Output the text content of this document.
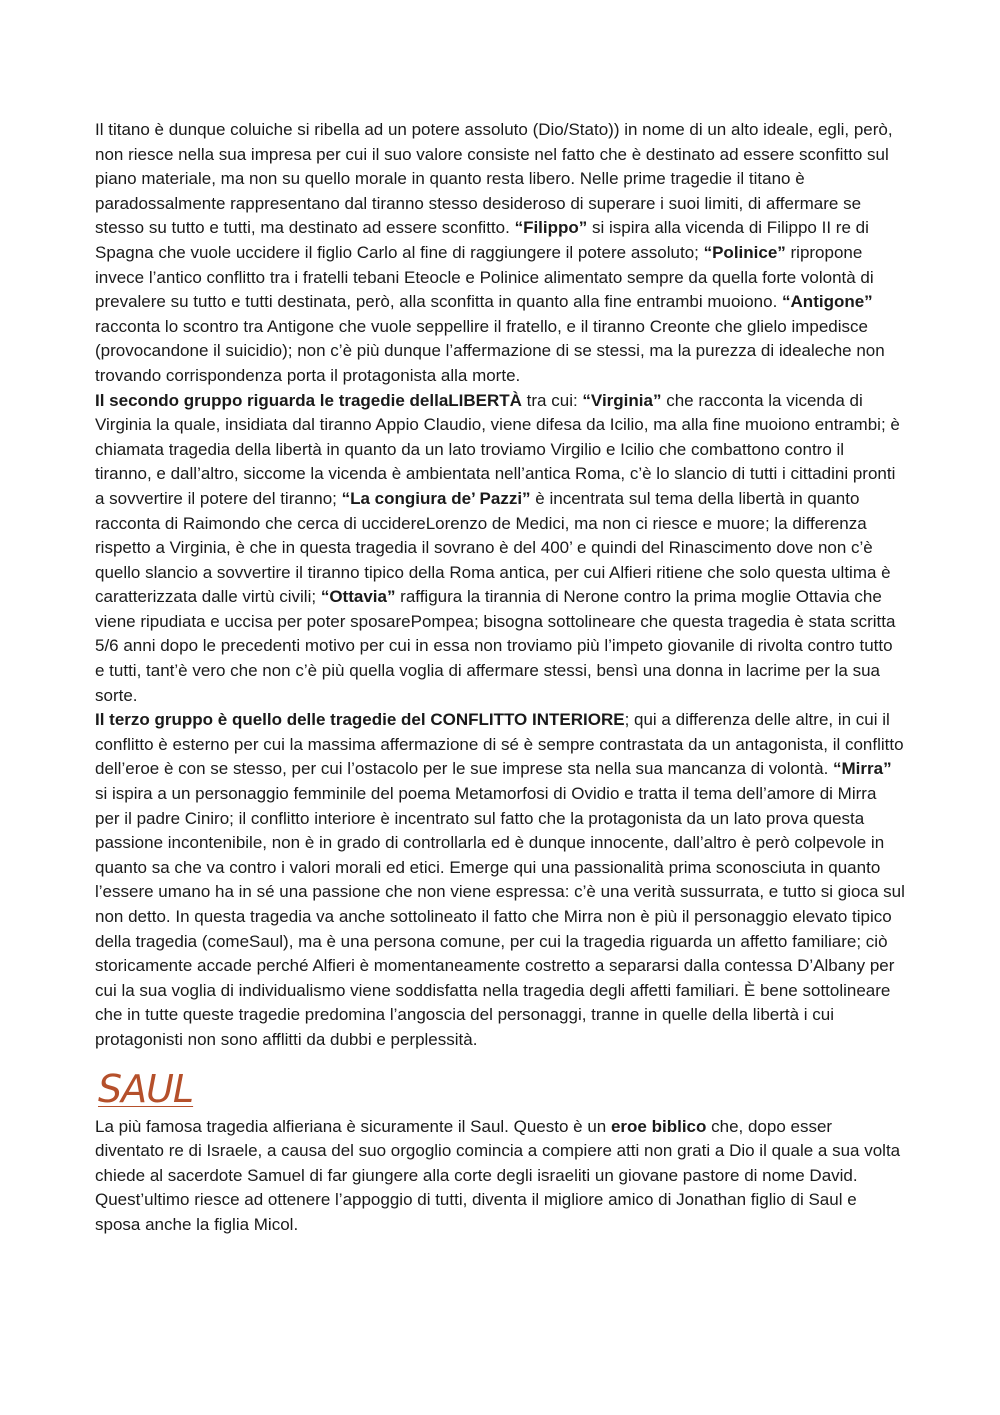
Il titano è dunque coluiche si ribella ad un potere assoluto (Dio/Stato)) in nome di un alto ideale, egli, però, non riesce nella sua impresa per cui il suo valore consiste nel fatto che è destinato ad essere sconfitto sul piano materiale, ma non su quello morale in quanto resta libero. Nelle prime tragedie il titano è paradossalmente rappresentano dal tiranno stesso desideroso di superare i suoi limiti, di affermare se stesso su tutto e tutti, ma destinato ad essere sconfitto. “Filippo” si ispira alla vicenda di Filippo II re di Spagna che vuole uccidere il figlio Carlo al fine di raggiungere il potere assoluto; “Polinice” ripropone invece l’antico conflitto tra i fratelli tebani Eteocle e Polinice alimentato sempre da quella forte volontà di prevalere su tutto e tutti destinata, però, alla sconfitta in quanto alla fine entrambi muoiono. “Antigone” racconta lo scontro tra Antigone che vuole seppellire il fratello, e il tiranno Creonte che glielo impedisce (provocandone il suicidio); non c’è più dunque l’affermazione di se stessi, ma la purezza di idealeche non trovando corrispondenza porta il protagonista alla morte.

Il secondo gruppo riguarda le tragedie dellaLIBERTÀ tra cui: “Virginia” che racconta la vicenda di Virginia la quale, insidiata dal tiranno Appio Claudio, viene difesa da Icilio, ma alla fine muoiono entrambi; è chiamata tragedia della libertà in quanto da un lato troviamo Virgilio e Icilio che combattono contro il tiranno, e dall’altro, siccome la vicenda è ambientata nell’antica Roma, c’è lo slancio di tutti i cittadini pronti a sovvertire il potere del tiranno; “La congiura de’ Pazzi” è incentrata sul tema della libertà in quanto racconta di Raimondo che cerca di uccidereLorenzo de Medici, ma non ci riesce e muore; la differenza rispetto a Virginia, è che in questa tragedia il sovrano è del 400’ e quindi del Rinascimento dove non c’è quello slancio a sovvertire il tiranno tipico della Roma antica, per cui Alfieri ritiene che solo questa ultima è caratterizzata dalle virtù civili; “Ottavia” raffigura la tirannia di Nerone contro la prima moglie Ottavia che viene ripudiata e uccisa per poter sposarePompea; bisogna sottolineare che questa tragedia è stata scritta 5/6 anni dopo le precedenti motivo per cui in essa non troviamo più l’impeto giovanile di rivolta contro tutto e tutti, tant’è vero che non c’è più quella voglia di affermare stessi, bensì una donna in lacrime per la sua sorte.

Il terzo gruppo è quello delle tragedie del CONFLITTO INTERIORE; qui a differenza delle altre, in cui il conflitto è esterno per cui la massima affermazione di sé è sempre contrastata da un antagonista, il conflitto dell’eroe è con se stesso, per cui l’ostacolo per le sue imprese sta nella sua mancanza di volontà. “Mirra” si ispira a un personaggio femminile del poema Metamorfosi di Ovidio e tratta il tema dell’amore di Mirra per il padre Ciniro; il conflitto interiore è incentrato sul fatto che la protagonista da un lato prova questa passione incontenibile, non è in grado di controllarla ed è dunque innocente, dall’altro è però colpevole in quanto sa che va contro i valori morali ed etici. Emerge qui una passionalità prima sconosciuta in quanto l’essere umano ha in sé una passione che non viene espressa: c’è una verità sussurrata, e tutto si gioca sul non detto. In questa tragedia va anche sottolineato il fatto che Mirra non è più il personaggio elevato tipico della tragedia (comeSaul), ma è una persona comune, per cui la tragedia riguarda un affetto familiare; ciò storicamente accade perché Alfieri è momentaneamente costretto a separarsi dalla contessa D’Albany per cui la sua voglia di individualismo viene soddisfatta nella tragedia degli affetti familiari. È bene sottolineare che in tutte queste tragedie predomina l’angoscia del personaggi, tranne in quelle della libertà i cui protagonisti non sono afflitti da dubbi e perplessità.

SAUL

La più famosa tragedia alfieriana è sicuramente il Saul. Questo è un eroe biblico che, dopo esser diventato re di Israele, a causa del suo orgoglio comincia a compiere atti non grati a Dio il quale a sua volta chiede al sacerdote Samuel di far giungere alla corte degli israeliti un giovane pastore di nome David. Quest’ultimo riesce ad ottenere l’appoggio di tutti, diventa il migliore amico di Jonathan figlio di Saul e sposa anche la figlia Micol.
